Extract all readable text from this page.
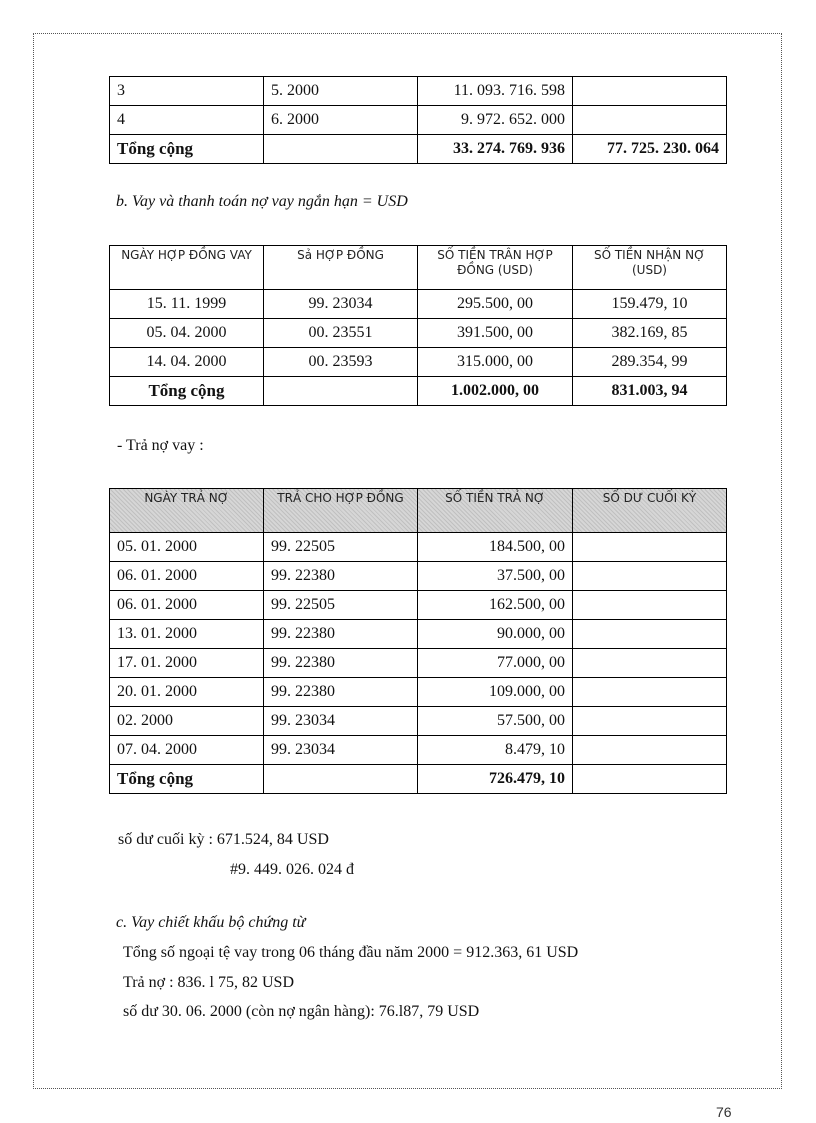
3	5. 2000	11. 093. 716. 598	
4	6. 2000	9. 972. 652. 000	
Tổng cộng		33. 274. 769. 936	77. 725. 230. 064
b. Vay và thanh toán nợ vay ngắn hạn = USD
NGÀY HỢP ĐỒNG VAY	Sả HỢP ĐỒNG	SỐ TIỀN TRÂN HỢP ĐỒNG (USD)	SỐ TIỀN NHẬN NỢ (USD)
15. 11. 1999	99. 23034	295.500, 00	159.479, 10
05. 04. 2000	00. 23551	391.500, 00	382.169, 85
14. 04. 2000	00. 23593	315.000, 00	289.354, 99
Tổng cộng		1.002.000, 00	831.003, 94
- Trả nợ vay :
NGÀY TRẢ NỢ	TRẢ CHO HỢP ĐỒNG	SỐ TIỀN TRẢ NỢ	SỐ DƯ CUỐI KỲ
05. 01. 2000	99. 22505	184.500, 00	
06. 01. 2000	99. 22380	37.500, 00	
06. 01. 2000	99. 22505	162.500, 00	
13. 01. 2000	99. 22380	90.000, 00	
17. 01. 2000	99. 22380	77.000, 00	
20. 01. 2000	99. 22380	109.000, 00	
02. 2000	99. 23034	57.500, 00	
07. 04. 2000	99. 23034	8.479, 10	
Tổng cộng		726.479, 10	
số dư cuối kỳ : 671.524, 84 USD
#9. 449. 026. 024 đ
c. Vay chiết khấu bộ chứng từ
Tổng số ngoại tệ vay trong 06 tháng đầu năm 2000 = 912.363, 61 USD
Trả nợ : 836. l 75, 82 USD
số dư 30. 06. 2000 (còn nợ ngân hàng): 76.l87, 79 USD
76
